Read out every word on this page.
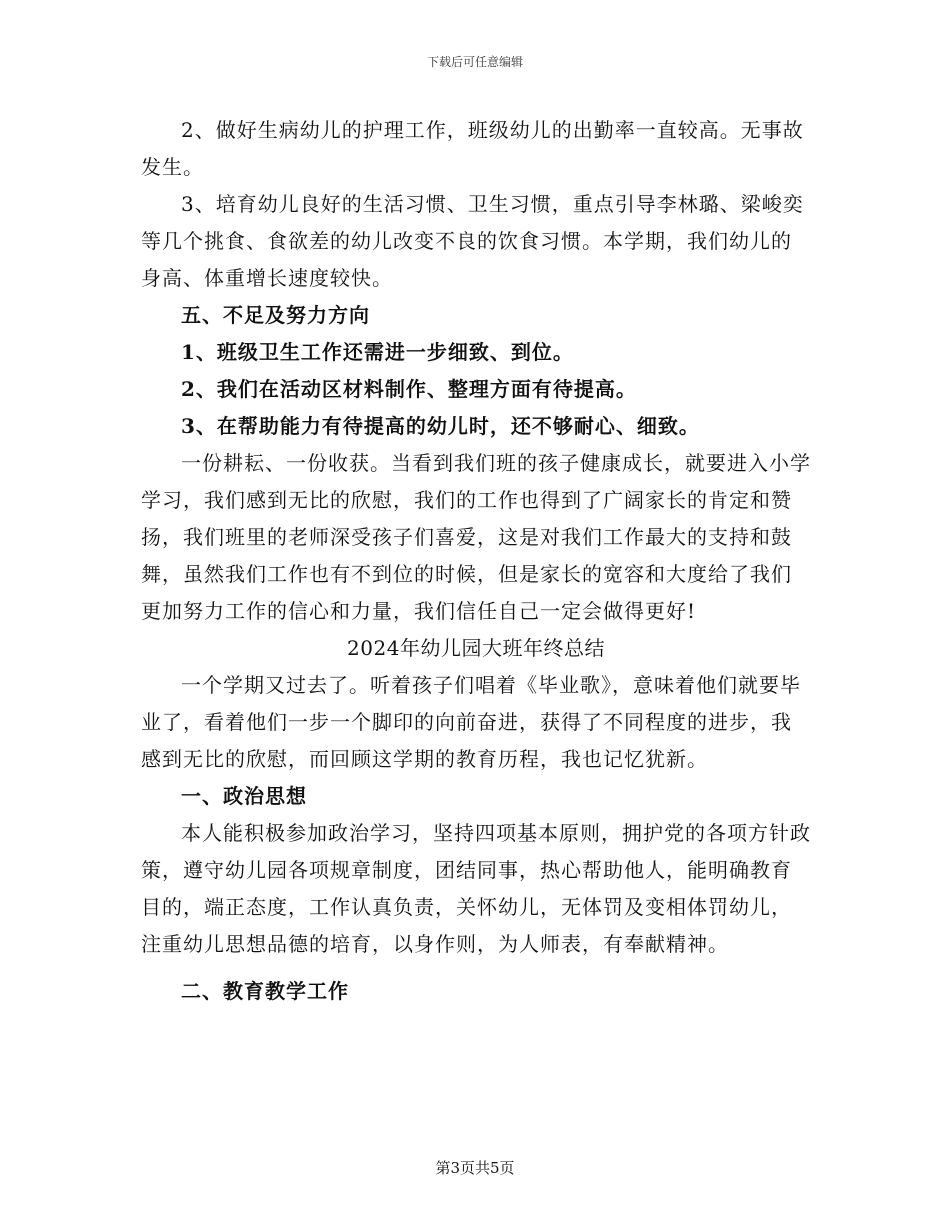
下载后可任意编辑

2、做好生病幼儿的护理工作，班级幼儿的出勤率一直较高。无事故发生。

3、培育幼儿良好的生活习惯、卫生习惯，重点引导李林璐、梁峻奕等几个挑食、食欲差的幼儿改变不良的饮食习惯。本学期，我们幼儿的身高、体重增长速度较快。

五、不足及努力方向

1、班级卫生工作还需进一步细致、到位。

2、我们在活动区材料制作、整理方面有待提高。

3、在帮助能力有待提高的幼儿时，还不够耐心、细致。

一份耕耘、一份收获。当看到我们班的孩子健康成长，就要进入小学学习，我们感到无比的欣慰，我们的工作也得到了广阔家长的肯定和赞扬，我们班里的老师深受孩子们喜爱，这是对我们工作最大的支持和鼓舞，虽然我们工作也有不到位的时候，但是家长的宽容和大度给了我们更加努力工作的信心和力量，我们信任自己一定会做得更好!

2024年幼儿园大班年终总结

一个学期又过去了。听着孩子们唱着《毕业歌》，意味着他们就要毕业了，看着他们一步一个脚印的向前奋进，获得了不同程度的进步，我感到无比的欣慰，而回顾这学期的教育历程，我也记忆犹新。

一、政治思想

本人能积极参加政治学习，坚持四项基本原则，拥护党的各项方针政策，遵守幼儿园各项规章制度，团结同事，热心帮助他人，能明确教育目的，端正态度，工作认真负责，关怀幼儿，无体罚及变相体罚幼儿，注重幼儿思想品德的培育，以身作则，为人师表，有奉献精神。

二、教育教学工作

第3页共5页
